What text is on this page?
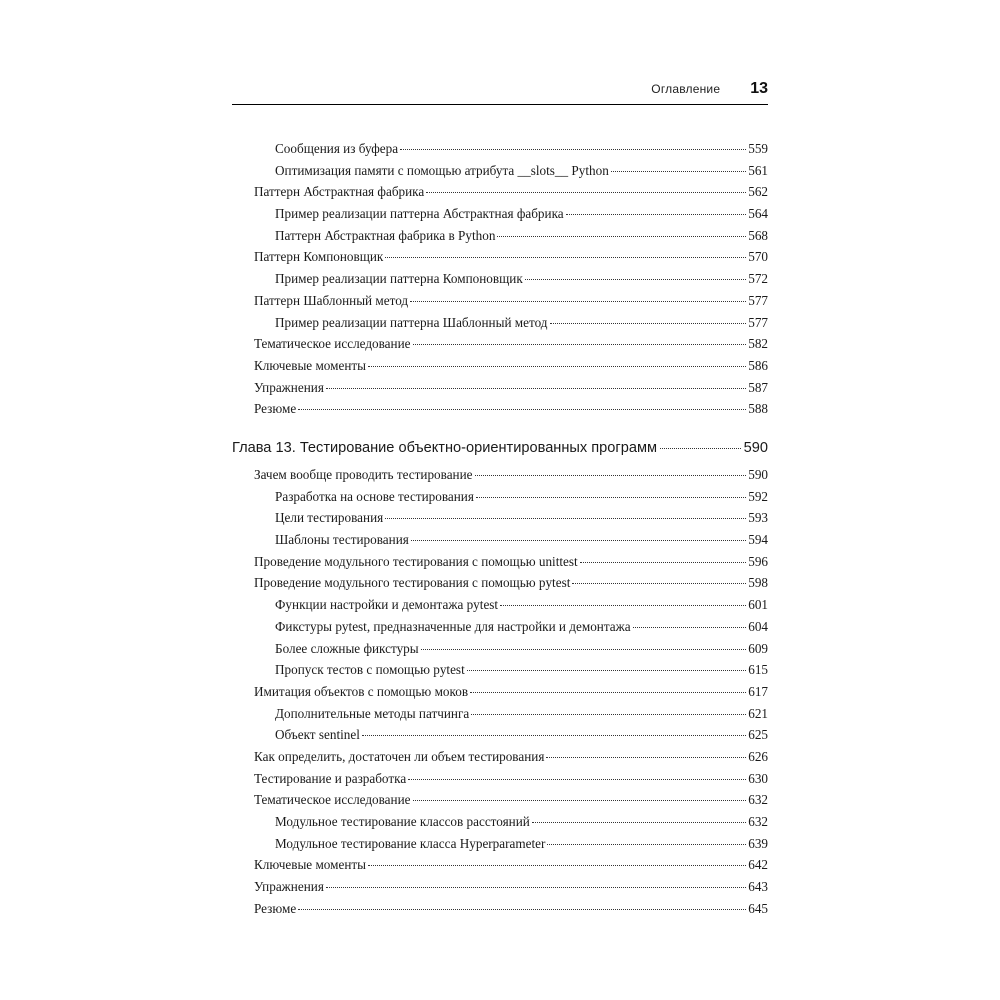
Оглавление 13
Сообщения из буфера	559
Оптимизация памяти с помощью атрибута __slots__ Python	561
Паттерн Абстрактная фабрика	562
Пример реализации паттерна Абстрактная фабрика	564
Паттерн Абстрактная фабрика в Python	568
Паттерн Компоновщик	570
Пример реализации паттерна Компоновщик	572
Паттерн Шаблонный метод	577
Пример реализации паттерна Шаблонный метод	577
Тематическое исследование	582
Ключевые моменты	586
Упражнения	587
Резюме	588
Глава 13. Тестирование объектно-ориентированных программ	590
Зачем вообще проводить тестирование	590
Разработка на основе тестирования	592
Цели тестирования	593
Шаблоны тестирования	594
Проведение модульного тестирования с помощью unittest	596
Проведение модульного тестирования с помощью pytest	598
Функции настройки и демонтажа pytest	601
Фикстуры pytest, предназначенные для настройки и демонтажа	604
Более сложные фикстуры	609
Пропуск тестов с помощью pytest	615
Имитация объектов с помощью моков	617
Дополнительные методы патчинга	621
Объект sentinel	625
Как определить, достаточен ли объем тестирования	626
Тестирование и разработка	630
Тематическое исследование	632
Модульное тестирование классов расстояний	632
Модульное тестирование класса Hyperparameter	639
Ключевые моменты	642
Упражнения	643
Резюме	645
